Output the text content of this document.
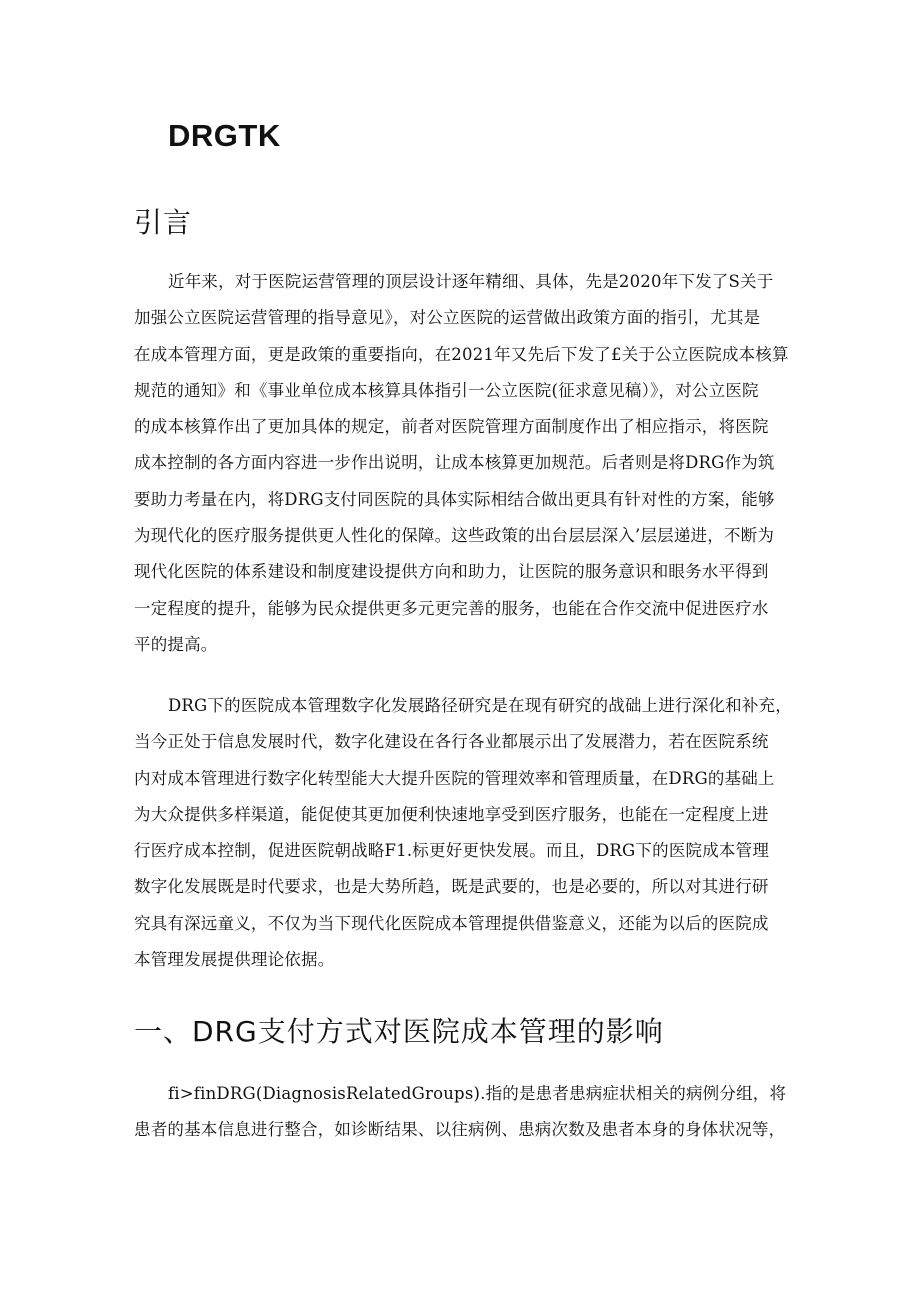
DRGTK
引言
近年来，对于医院运营管理的顶层设计逐年精细、具体，先是2020年下发了S关于
加强公立医院运营管理的指导意见》，对公立医院的运营做出政策方面的指引，尤其是
在成本管理方面，更是政策的重要指向，在2021年又先后下发了£关于公立医院成本核算
规范的通知》和《事业单位成本核算具体指引一公立医院(征求意见稿）》，对公立医院
的成本核算作出了更加具体的规定，前者对医院管理方面制度作出了相应指示，将医院
成本控制的各方面内容进一步作出说明，让成本核算更加规范。后者则是将DRG作为筑
要助力考量在内，将DRG支付同医院的具体实际相结合做出更具有针对性的方案，能够
为现代化的医疗服务提供更人性化的保障。这些政策的出台层层深入’层层递进，不断为
现代化医院的体系建设和制度建设提供方向和助力，让医院的服务意识和眼务水平得到
一定程度的提升，能够为民众提供更多元更完善的服务，也能在合作交流中促进医疗水
平的提高。
DRG下的医院成本管理数字化发展路径研究是在现有研究的战础上进行深化和补充，
当今正处于信息发展时代，数字化建设在各行各业都展示出了发展潜力，若在医院系统
内对成本管理进行数字化转型能大大提升医院的管理效率和管理质量，在DRG的基础上
为大众提供多样渠道，能促使其更加便利快速地享受到医疗服务，也能在一定程度上进
行医疗成本控制，促进医院朝战略F1.标更好更快发展。而且，DRG下的医院成本管理
数字化发展既是时代要求，也是大势所趋，既是武要的，也是必要的，所以对其进行研
究具有深远童义，不仅为当下现代化医院成本管理提供借鉴意义，还能为以后的医院成
本管理发展提供理论依据。
一、DRG支付方式对医院成本管理的影响
fi>finDRG(DiagnosisRelatedGroups).指的是患者患病症状相关的病例分组，将
患者的基本信息进行整合，如诊断结果、以往病例、患病次数及患者本身的身体状况等，
